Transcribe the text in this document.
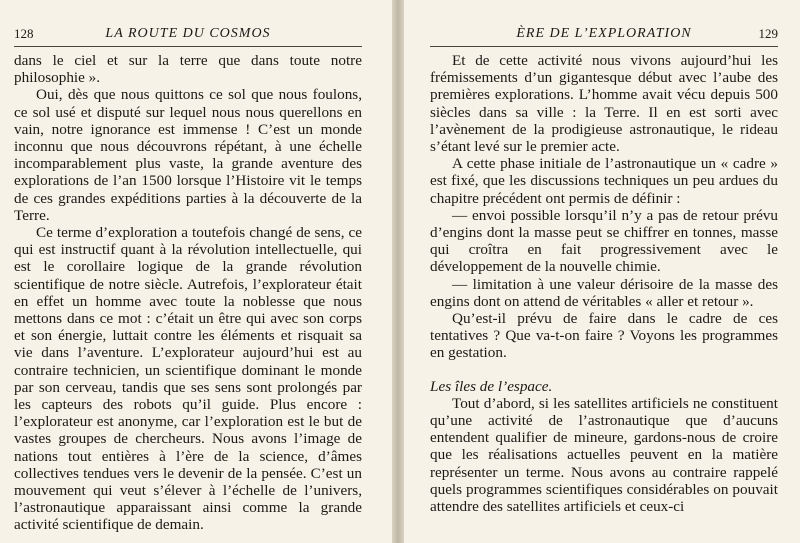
128	LA ROUTE DU COSMOS

dans le ciel et sur la terre que dans toute notre philosophie ».

Oui, dès que nous quittons ce sol que nous foulons, ce sol usé et disputé sur lequel nous nous querellons en vain, notre ignorance est immense ! C’est un monde inconnu que nous découvrons répétant, à une échelle incomparablement plus vaste, la grande aventure des explorations de l’an 1500 lorsque l’Histoire vit le temps de ces grandes expéditions parties à la découverte de la Terre.

Ce terme d’exploration a toutefois changé de sens, ce qui est instructif quant à la révolution intellectuelle, qui est le corollaire logique de la grande révolution scientifique de notre siècle. Autrefois, l’explorateur était en effet un homme avec toute la noblesse que nous mettons dans ce mot : c’était un être qui avec son corps et son énergie, luttait contre les éléments et risquait sa vie dans l’aventure. L’explorateur aujourd’hui est au contraire technicien, un scientifique dominant le monde par son cerveau, tandis que ses sens sont prolongés par les capteurs des robots qu’il guide. Plus encore : l’explorateur est anonyme, car l’exploration est le but de vastes groupes de chercheurs. Nous avons l’image de nations tout entières à l’ère de la science, d’âmes collectives tendues vers le devenir de la pensée. C’est un mouvement qui veut s’élever à l’échelle de l’univers, l’astronautique apparaissant ainsi comme la grande activité scientifique de demain.

ÈRE DE L’EXPLORATION	129

Et de cette activité nous vivons aujourd’hui les frémissements d’un gigantesque début avec l’aube des premières explorations. L’homme avait vécu depuis 500 siècles dans sa ville : la Terre. Il en est sorti avec l’avènement de la prodigieuse astronautique, le rideau s’étant levé sur le premier acte.

A cette phase initiale de l’astronautique un « cadre » est fixé, que les discussions techniques un peu ardues du chapitre précédent ont permis de définir :

— envoi possible lorsqu’il n’y a pas de retour prévu d’engins dont la masse peut se chiffrer en tonnes, masse qui croîtra en fait progressivement avec le développement de la nouvelle chimie.

— limitation à une valeur dérisoire de la masse des engins dont on attend de véritables « aller et retour ».

Qu’est-il prévu de faire dans le cadre de ces tentatives ? Que va-t-on faire ? Voyons les programmes en gestation.

Les îles de l’espace.

Tout d’abord, si les satellites artificiels ne constituent qu’une activité de l’astronautique que d’aucuns entendent qualifier de mineure, gardons-nous de croire que les réalisations actuelles peuvent en la matière représenter un terme. Nous avons au contraire rappelé quels programmes scientifiques considérables on pouvait attendre des satellites artificiels et ceux-ci
